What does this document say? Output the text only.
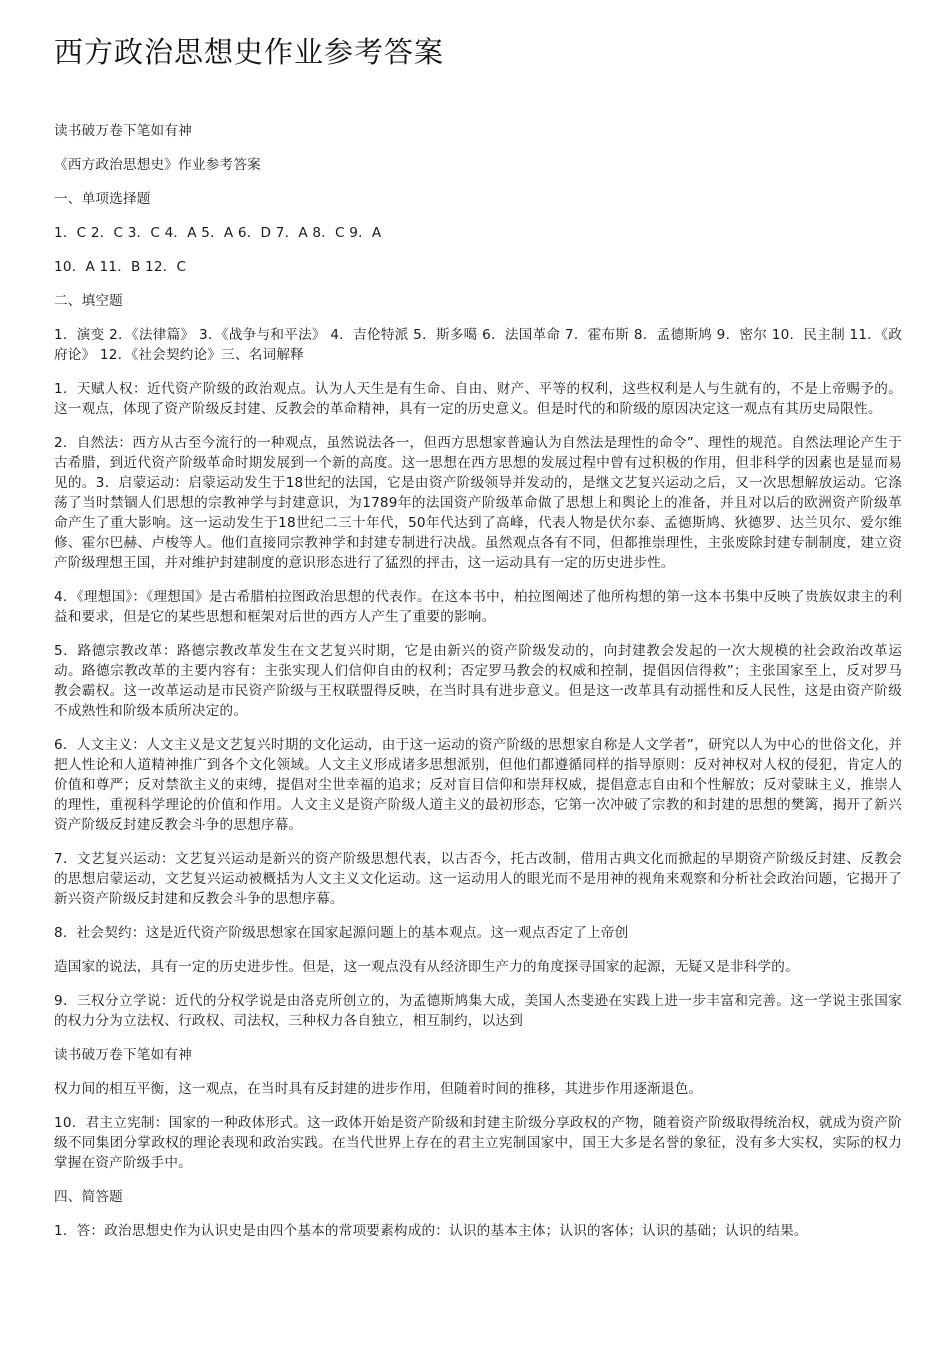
西方政治思想史作业参考答案

读书破万卷下笔如有神

《西方政治思想史》作业参考答案

一、单项选择题

1．C 2．C 3．C 4．A 5．A 6．D 7．A 8．C 9．A

10．A 11．B 12．C

二、填空题

1．演变 2．《法律篇》 3．《战争与和平法》 4．吉伦特派 5．斯多噶 6．法国革命 7．霍布斯 8．孟德斯鸠 9．密尔 10．民主制 11．《政府论》 12．《社会契约论》三、名词解释

1．天赋人权：近代资产阶级的政治观点。认为人天生是有生命、自由、财产、平等的权利，这些权利是人与生就有的，不是上帝赐予的。这一观点，体现了资产阶级反封建、反教会的革命精神，具有一定的历史意义。但是时代的和阶级的原因决定这一观点有其历史局限性。

2．自然法：西方从古至今流行的一种观点，虽然说法各一，但西方思想家普遍认为自然法是理性的命令”、理性的规范。自然法理论产生于古希腊，到近代资产阶级革命时期发展到一个新的高度。这一思想在西方思想的发展过程中曾有过积极的作用，但非科学的因素也是显而易见的。3．启蒙运动：启蒙运动发生于18世纪的法国，它是由资产阶级领导并发动的，是继文艺复兴运动之后，又一次思想解放运动。它涤荡了当时禁锢人们思想的宗教神学与封建意识，为1789年的法国资产阶级革命做了思想上和舆论上的准备，并且对以后的欧洲资产阶级革命产生了重大影响。这一运动发生于18世纪二三十年代，50年代达到了高峰，代表人物是伏尔泰、孟德斯鸠、狄德罗、达兰贝尔、爱尔维修、霍尔巴赫、卢梭等人。他们直接同宗教神学和封建专制进行决战。虽然观点各有不同，但都推崇理性，主张废除封建专制制度，建立资产阶级理想王国，并对维护封建制度的意识形态进行了猛烈的抨击，这一运动具有一定的历史进步性。

4．《理想国》：《理想国》是古希腊柏拉图政治思想的代表作。在这本书中，柏拉图阐述了他所构想的第一这本书集中反映了贵族奴隶主的利益和要求，但是它的某些思想和框架对后世的西方人产生了重要的影响。

5．路德宗教改革：路德宗教改革发生在文艺复兴时期，它是由新兴的资产阶级发动的，向封建教会发起的一次大规模的社会政治改革运动。路德宗教改革的主要内容有：主张实现人们信仰自由的权利；否定罗马教会的权威和控制，提倡因信得救”；主张国家至上，反对罗马教会霸权。这一改革运动是市民资产阶级与王权联盟得反映，在当时具有进步意义。但是这一改革具有动摇性和反人民性，这是由资产阶级不成熟性和阶级本质所决定的。

6．人文主义：人文主义是文艺复兴时期的文化运动，由于这一运动的资产阶级的思想家自称是人文学者”，研究以人为中心的世俗文化，并把人性论和人道精神推广到各个文化领域。人文主义形成诸多思想派别，但他们都遵循同样的指导原则：反对神权对人权的侵犯，肯定人的价值和尊严；反对禁欲主义的束缚，提倡对尘世幸福的追求；反对盲目信仰和崇拜权威，提倡意志自由和个性解放；反对蒙昧主义，推崇人的理性，重视科学理论的价值和作用。人文主义是资产阶级人道主义的最初形态，它第一次冲破了宗教的和封建的思想的樊篱，揭开了新兴资产阶级反封建反教会斗争的思想序幕。

7．文艺复兴运动：文艺复兴运动是新兴的资产阶级思想代表，以古否今，托古改制，借用古典文化而掀起的早期资产阶级反封建、反教会的思想启蒙运动，文艺复兴运动被概括为人文主义文化运动。这一运动用人的眼光而不是用神的视角来观察和分析社会政治问题，它揭开了新兴资产阶级反封建和反教会斗争的思想序幕。

8．社会契约：这是近代资产阶级思想家在国家起源问题上的基本观点。这一观点否定了上帝创

造国家的说法，具有一定的历史进步性。但是，这一观点没有从经济即生产力的角度探寻国家的起源，无疑又是非科学的。

9．三权分立学说：近代的分权学说是由洛克所创立的，为孟德斯鸠集大成，美国人杰斐逊在实践上进一步丰富和完善。这一学说主张国家的权力分为立法权、行政权、司法权，三种权力各自独立，相互制约，以达到

读书破万卷下笔如有神

权力间的相互平衡，这一观点，在当时具有反封建的进步作用，但随着时间的推移，其进步作用逐渐退色。

10．君主立宪制：国家的一种政体形式。这一政体开始是资产阶级和封建主阶级分享政权的产物，随着资产阶级取得统治权，就成为资产阶级不同集团分掌政权的理论表现和政治实践。在当代世界上存在的君主立宪制国家中，国王大多是名誉的象征，没有多大实权，实际的权力掌握在资产阶级手中。

四、简答题

1．答：政治思想史作为认识史是由四个基本的常项要素构成的：认识的基本主体；认识的客体；认识的基础；认识的结果。
